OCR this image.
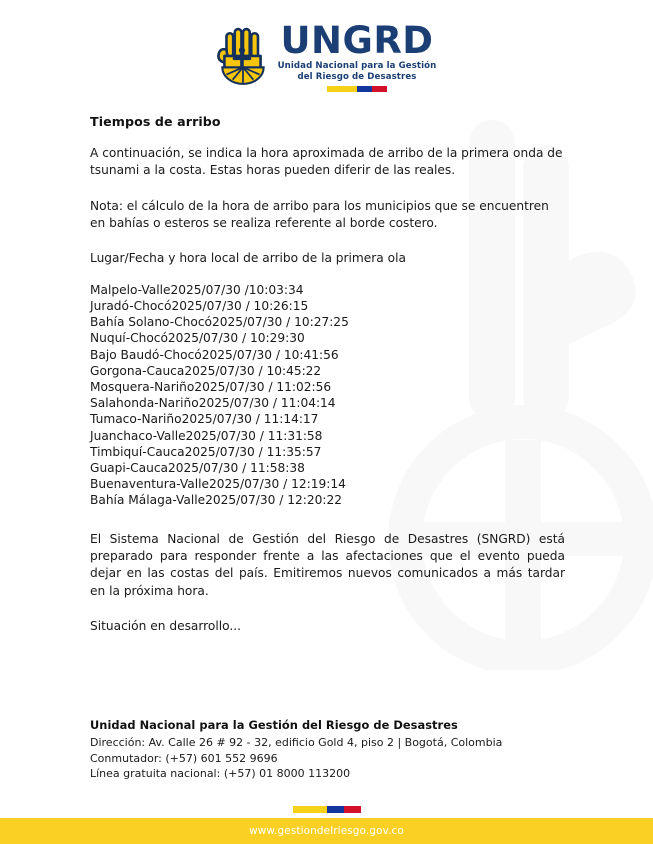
UNGRD
Unidad Nacional para la Gestión
del Riesgo de Desastres
Tiempos de arribo

A continuación, se indica la hora aproximada de arribo de la primera onda de tsunami a la costa. Estas horas pueden diferir de las reales.

Nota: el cálculo de la hora de arribo para los municipios que se encuentren en bahías o esteros se realiza referente al borde costero.

Lugar/Fecha y hora local de arribo de la primera ola

Malpelo-Valle2025/07/30 /10:03:34
Juradó-Chocó2025/07/30 / 10:26:15
Bahía Solano-Chocó2025/07/30 / 10:27:25
Nuquí-Chocó2025/07/30 / 10:29:30
Bajo Baudó-Chocó2025/07/30 / 10:41:56
Gorgona-Cauca2025/07/30 / 10:45:22
Mosquera-Nariño2025/07/30 / 11:02:56
Salahonda-Nariño2025/07/30 / 11:04:14
Tumaco-Nariño2025/07/30 / 11:14:17
Juanchaco-Valle2025/07/30 / 11:31:58
Timbiquí-Cauca2025/07/30 / 11:35:57
Guapi-Cauca2025/07/30 / 11:58:38
Buenaventura-Valle2025/07/30 / 12:19:14
Bahía Málaga-Valle2025/07/30 / 12:20:22

El Sistema Nacional de Gestión del Riesgo de Desastres (SNGRD) está preparado para responder frente a las afectaciones que el evento pueda dejar en las costas del país. Emitiremos nuevos comunicados a más tardar en la próxima hora.

Situación en desarrollo...

Unidad Nacional para la Gestión del Riesgo de Desastres
Dirección: Av. Calle 26 # 92 - 32, edificio Gold 4, piso 2 | Bogotá, Colombia
Conmutador: (+57) 601 552 9696
Línea gratuita nacional: (+57) 01 8000 113200
www.gestiondelriesgo.gov.co
